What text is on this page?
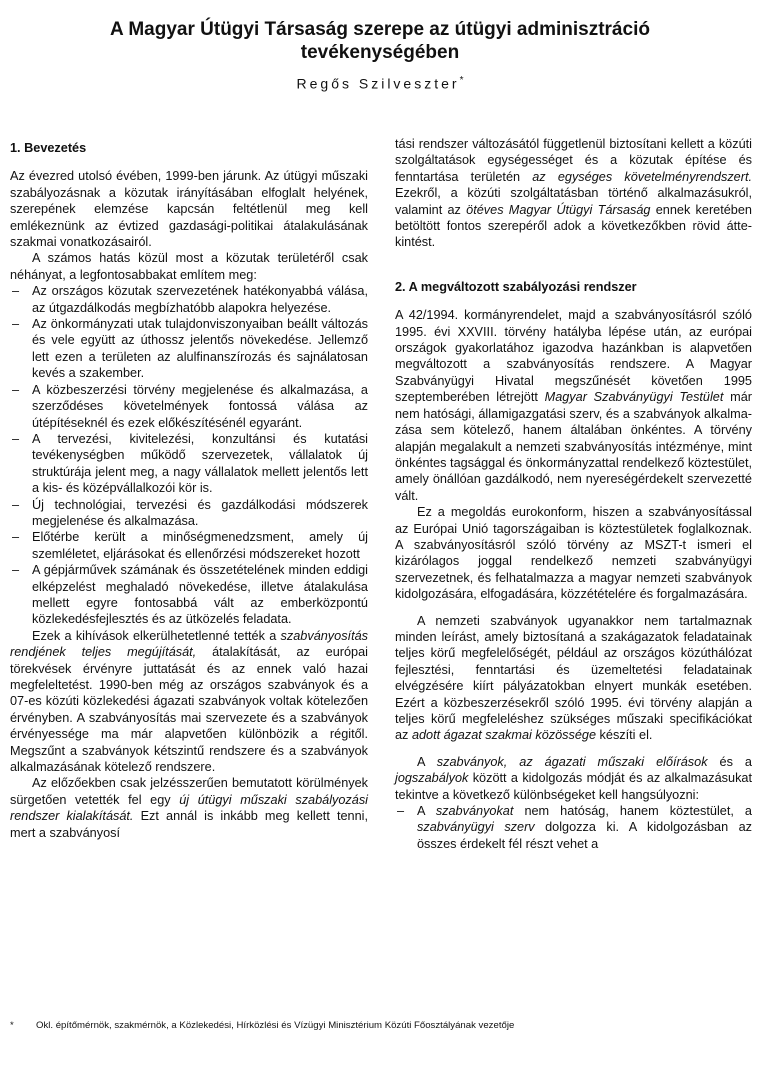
A Magyar Útügyi Társaság szerepe az útügyi adminisztráció tevékenységében
Regős Szilveszter*
1. Bevezetés

Az évezred utolsó évében, 1999-ben járunk. Az útügyi műszaki szabályozásnak a közutak irányításában elfoglalt helyének, szerepének elemzése kapcsán feltétlenül meg kell emlékeznünk az évtized gazdasági-politikai átalakulásának szakmai vonatkozásairól.

A számos hatás közül most a közutak területéről csak néhányat, a legfontosabbakat említem meg:

– Az országos közutak szervezetének hatékonyabbá válása, az útgazdálkodás megbízhatóbb alapokra helyezése.
– Az önkormányzati utak tulajdonviszonyaiban beállt változás és vele együtt az úthossz jelentős növekedése. Jellemző lett ezen a területen az alulfinanszírozás és sajnálatosan kevés a szakember.
– A közbeszerzési törvény megjelenése és alkalmazása, a szerződéses követelmények fontossá válása az útépítéseknél és ezek előkészítésénél egyaránt.
– A tervezési, kivitelezési, konzultánsi és kutatási tevékenységben működő szervezetek, vállalatok új struktúrája jelent meg, a nagy vállalatok mellett jelentős lett a kis- és középvállalkozói kör is.
– Új technológiai, tervezési és gazdálkodási módszerek megjelenése és alkalmazása.
– Előtérbe került a minőségmenedzsment, amely új szemléletet, eljárásokat és ellenőrzési módszereket hozott
– A gépjárművek számának és összetételének minden eddigi elképzelést meghaladó növekedése, illetve átalakulása mellett egyre fontosabbá vált az emberközpontú közlekedésfejlesztés és az ütközelés feladata.

Ezek a kihívások elkerülhetetlenné tették a szabványosítás rendjének teljes megújítását, átalakítását, az európai törekvések érvényre juttatását és az ennek való hazai megfeleltetést. 1990-ben még az országos szabványok és a 07-es közúti közlekedési ágazati szabványok voltak kötelezően érvényben. A szabványosítás mai szervezete és a szabványok érvényessége ma már alapvetően különbözik a régitől. Megszűnt a szabványok kétszintű rendszere és a szabványok alkalmazásának kötelező rendszere.

Az előzőekben csak jelzésszerűen bemutatott körülmények sürgetően vetették fel egy új útügyi műszaki szabályozási rendszer kialakítását. Ezt annál is inkább meg kellett tenni, mert a szabványosí

tási rendszer változásától függetlenül biztosítani kellett a közúti szolgáltatások egységességet és a közutak építése és fenntartása területén az egységes követelményrendszert. Ezekről, a közúti szolgáltatásban történő alkalmazásukról, valamint az ötéves Magyar Útügyi Társaság ennek keretében betöltött fontos szerepéről adok a következőkben rövid áttekintést.

2. A megváltozott szabályozási rendszer

A 42/1994. kormányrendelet, majd a szabványosításról szóló 1995. évi XXVIII. törvény hatályba lépése után, az európai országok gyakorlatához igazodva hazánkban is alapvetően megváltozott a szabványosítás rendszere. A Magyar Szabványügyi Hivatal megszűnését követően 1995 szeptemberében létrejött Magyar Szabványügyi Testület már nem hatósági, államigazgatási szerv, és a szabványok alkalmazása sem kötelező, hanem általában önkéntes. A törvény alapján megalakult a nemzeti szabványosítás intézménye, mint önkéntes tagsággal és önkormányzattal rendelkező köztestület, amely önállóan gazdálkodó, nem nyereségérdekelt szervezetté vált.

Ez a megoldás eurokonform, hiszen a szabványosítással az Európai Unió tagországaiban is köztestületek foglalkoznak. A szabványosításról szóló törvény az MSZT-t ismeri el kizárólagos joggal rendelkező nemzeti szabványügyi szervezetnek, és felhatalmazza a magyar nemzeti szabványok kidolgozására, elfogadására, közzétételére és forgalmazására.

A nemzeti szabványok ugyanakkor nem tartalmaznak minden leírást, amely biztosítaná a szakágazatok feladatainak teljes körű megfelelőségét, például az országos közúthálózat fejlesztési, fenntartási és üzemeltetési feladatainak elvégzésére kiírt pályázatokban elnyert munkák esetében. Ezért a közbeszerzésekről szóló 1995. évi törvény alapján a teljes körű megfeleléshez szükséges műszaki specifikációkat az adott ágazat szakmai közössége készíti el.

A szabványok, az ágazati műszaki előírások és a jogszabályok között a kidolgozás módját és az alkalmazásukat tekintve a következő különbségeket kell hangsúlyozni:

– A szabványokat nem hatóság, hanem köztestület, a szabványügyi szerv dolgozza ki. A kidolgozásban az összes érdekelt fél részt vehet a
* Okl. építőmérnök, szakmérnök, a Közlekedési, Hírközlési és Vízügyi Minisztérium Közúti Főosztályának vezetője
